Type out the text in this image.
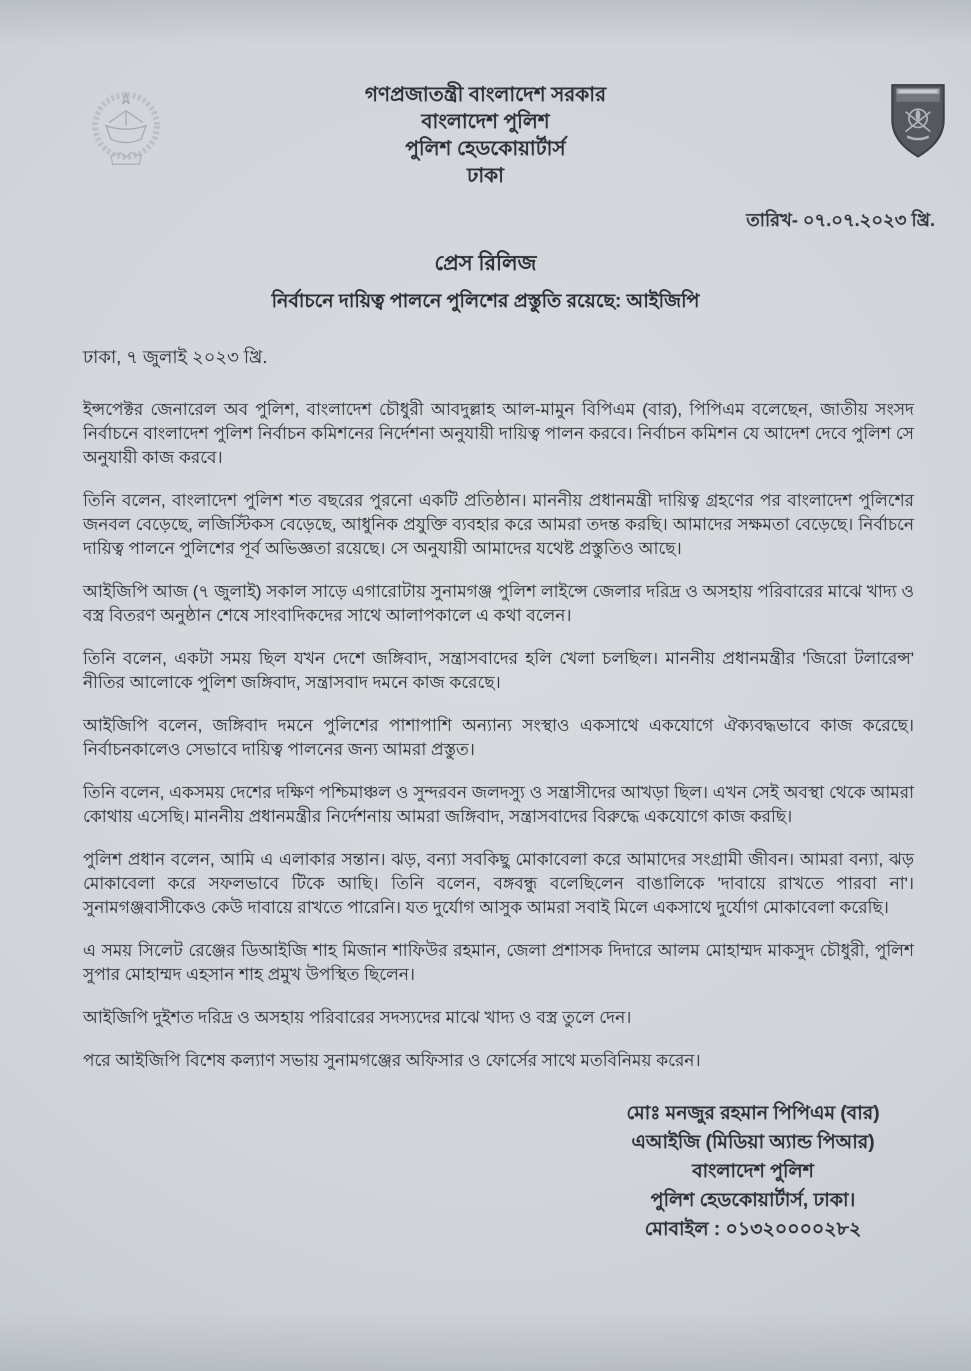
গণপ্রজাতন্ত্রী বাংলাদেশ সরকার
বাংলাদেশ পুলিশ
পুলিশ হেডকোয়ার্টার্স
ঢাকা
তারিখ- ০৭.০৭.২০২৩ খ্রি.
প্রেস রিলিজ
নির্বাচনে দায়িত্ব পালনে পুলিশের প্রস্তুতি রয়েছে: আইজিপি

ঢাকা, ৭ জুলাই ২০২৩ খ্রি.

ইন্সপেক্টর জেনারেল অব পুলিশ, বাংলাদেশ চৌধুরী আবদুল্লাহ আল-মামুন বিপিএম (বার), পিপিএম বলেছেন, জাতীয় সংসদ নির্বাচনে বাংলাদেশ পুলিশ নির্বাচন কমিশনের নির্দেশনা অনুযায়ী দায়িত্ব পালন করবে। নির্বাচন কমিশন যে আদেশ দেবে পুলিশ সে অনুযায়ী কাজ করবে।

তিনি বলেন, বাংলাদেশ পুলিশ শত বছরের পুরনো একটি প্রতিষ্ঠান। মাননীয় প্রধানমন্ত্রী দায়িত্ব গ্রহণের পর বাংলাদেশ পুলিশের জনবল বেড়েছে, লজিস্টিকস বেড়েছে, আধুনিক প্রযুক্তি ব্যবহার করে আমরা তদন্ত করছি। আমাদের সক্ষমতা বেড়েছে। নির্বাচনে দায়িত্ব পালনে পুলিশের পূর্ব অভিজ্ঞতা রয়েছে। সে অনুযায়ী আমাদের যথেষ্ট প্রস্তুতিও আছে।

আইজিপি আজ (৭ জুলাই) সকাল সাড়ে এগারোটায় সুনামগঞ্জ পুলিশ লাইন্সে জেলার দরিদ্র ও অসহায় পরিবারের মাঝে খাদ্য ও বস্ত্র বিতরণ অনুষ্ঠান শেষে সাংবাদিকদের সাথে আলাপকালে এ কথা বলেন।

তিনি বলেন, একটা সময় ছিল যখন দেশে জঙ্গিবাদ, সন্ত্রাসবাদের হলি খেলা চলছিল। মাননীয় প্রধানমন্ত্রীর 'জিরো টলারেন্স' নীতির আলোকে পুলিশ জঙ্গিবাদ, সন্ত্রাসবাদ দমনে কাজ করেছে।

আইজিপি বলেন, জঙ্গিবাদ দমনে পুলিশের পাশাপাশি অন্যান্য সংস্থাও একসাথে একযোগে ঐক্যবদ্ধভাবে কাজ করেছে। নির্বাচনকালেও সেভাবে দায়িত্ব পালনের জন্য আমরা প্রস্তুত।

তিনি বলেন, একসময় দেশের দক্ষিণ পশ্চিমাঞ্চল ও সুন্দরবন জলদস্যু ও সন্ত্রাসীদের আখড়া ছিল। এখন সেই অবস্থা থেকে আমরা কোথায় এসেছি। মাননীয় প্রধানমন্ত্রীর নির্দেশনায় আমরা জঙ্গিবাদ, সন্ত্রাসবাদের বিরুদ্ধে একযোগে কাজ করছি।

পুলিশ প্রধান বলেন, আমি এ এলাকার সন্তান। ঝড়, বন্যা সবকিছু মোকাবেলা করে আমাদের সংগ্রামী জীবন। আমরা বন্যা, ঝড় মোকাবেলা করে সফলভাবে টিকে আছি। তিনি বলেন, বঙ্গবন্ধু বলেছিলেন বাঙালিকে 'দাবায়ে রাখতে পারবা না'। সুনামগঞ্জবাসীকেও কেউ দাবায়ে রাখতে পারেনি। যত দুর্যোগ আসুক আমরা সবাই মিলে একসাথে দুর্যোগ মোকাবেলা করেছি।

এ সময় সিলেট রেঞ্জের ডিআইজি শাহ মিজান শাফিউর রহমান, জেলা প্রশাসক দিদারে আলম মোহাম্মদ মাকসুদ চৌধুরী, পুলিশ সুপার মোহাম্মদ এহসান শাহ প্রমুখ উপস্থিত ছিলেন।

আইজিপি দুইশত দরিদ্র ও অসহায় পরিবারের সদস্যদের মাঝে খাদ্য ও বস্ত্র তুলে দেন।

পরে আইজিপি বিশেষ কল্যাণ সভায় সুনামগঞ্জের অফিসার ও ফোর্সের সাথে মতবিনিময় করেন।

মোঃ মনজুর রহমান পিপিএম (বার)
এআইজি (মিডিয়া অ্যান্ড পিআর)
বাংলাদেশ পুলিশ
পুলিশ হেডকোয়ার্টার্স, ঢাকা।
মোবাইল : ০১৩২০০০০২৮২
